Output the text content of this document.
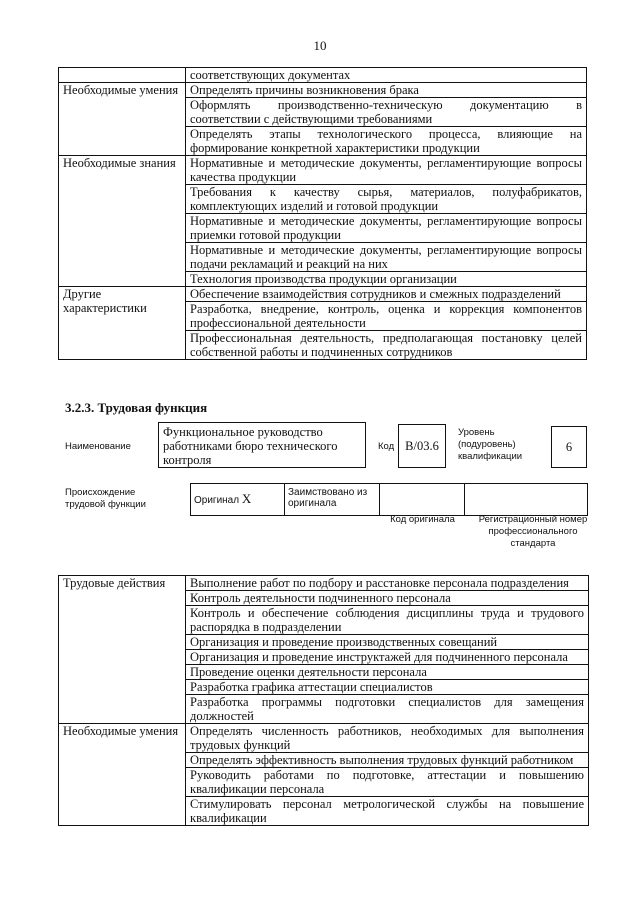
10
	соответствующих документах
Необходимые умения	Определять причины возникновения брака
	Оформлять производственно-техническую документацию в соответствии с действующими требованиями
	Определять этапы технологического процесса, влияющие на формирование конкретной характеристики продукции
Необходимые знания	Нормативные и методические документы, регламентирующие вопросы качества продукции
	Требования к качеству сырья, материалов, полуфабрикатов, комплектующих изделий и готовой продукции
	Нормативные и методические документы, регламентирующие вопросы приемки готовой продукции
	Нормативные и методические документы, регламентирующие вопросы подачи рекламаций и реакций на них
	Технология производства продукции организации
Другие характеристики	Обеспечение взаимодействия сотрудников и смежных подразделений
	Разработка, внедрение, контроль, оценка и коррекция компонентов профессиональной деятельности
	Профессиональная деятельность, предполагающая постановку целей собственной работы и подчиненных сотрудников
3.2.3. Трудовая функция
Наименование
Функциональное руководство работниками бюро технического контроля
Код В/03.6
Уровень (подуровень) квалификации
6
Происхождение трудовой функции	Оригинал X	Заимствовано из оригинала		
Код оригинала	Регистрационный номер профессионального стандарта
Трудовые действия	Выполнение работ по подбору и расстановке персонала подразделения
	Контроль деятельности подчиненного персонала
	Контроль и обеспечение соблюдения дисциплины труда и трудового распорядка в подразделении
	Организация и проведение производственных совещаний
	Организация и проведение инструктажей для подчиненного персонала
	Проведение оценки деятельности персонала
	Разработка графика аттестации специалистов
	Разработка программы подготовки специалистов для замещения должностей
Необходимые умения	Определять численность работников, необходимых для выполнения трудовых функций
	Определять эффективность выполнения трудовых функций работником
	Руководить работами по подготовке, аттестации и повышению квалификации персонала
	Стимулировать персонал метрологической службы на повышение квалификации
